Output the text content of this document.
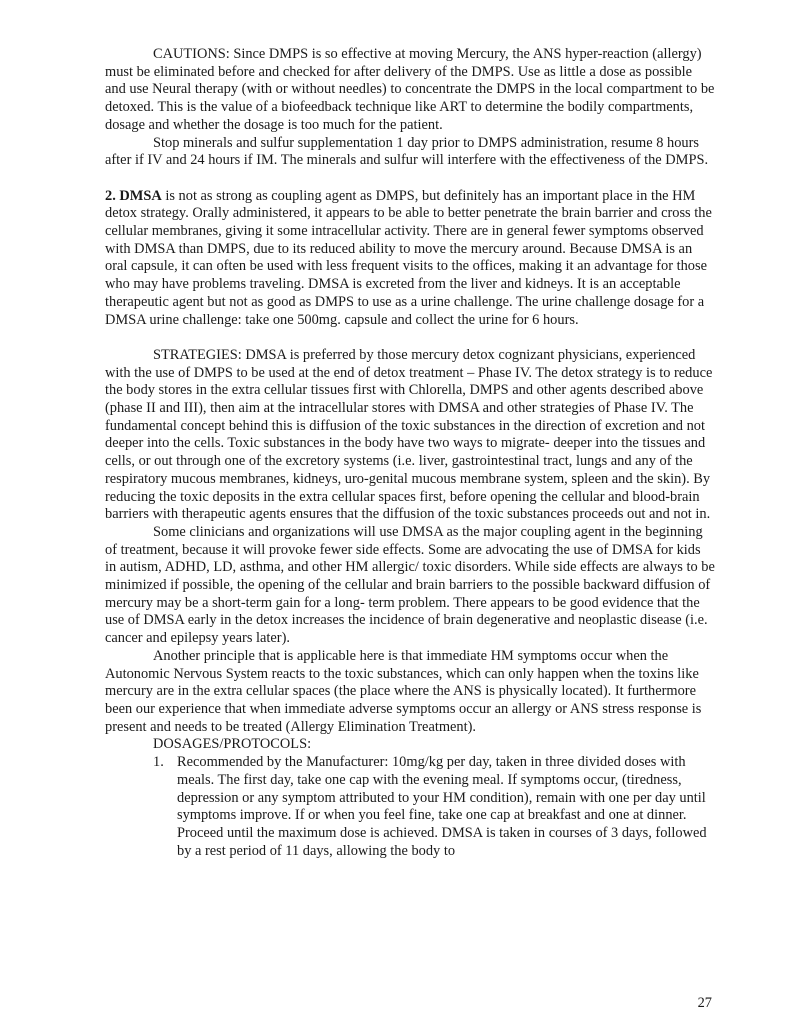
CAUTIONS: Since DMPS is so effective at moving Mercury, the ANS hyper-reaction (allergy) must be eliminated before and checked for after delivery of the DMPS. Use as little a dose as possible and use Neural therapy (with or without needles) to concentrate the DMPS in the local compartment to be detoxed. This is the value of a biofeedback technique like ART to determine the bodily compartments, dosage and whether the dosage is too much for the patient.

Stop minerals and sulfur supplementation 1 day prior to DMPS administration, resume 8 hours after if IV and 24 hours if IM. The minerals and sulfur will interfere with the effectiveness of the DMPS.

2. DMSA is not as strong as coupling agent as DMPS, but definitely has an important place in the HM detox strategy. Orally administered, it appears to be able to better penetrate the brain barrier and cross the cellular membranes, giving it some intracellular activity. There are in general fewer symptoms observed with DMSA than DMPS, due to its reduced ability to move the mercury around. Because DMSA is an oral capsule, it can often be used with less frequent visits to the offices, making it an advantage for those who may have problems traveling. DMSA is excreted from the liver and kidneys. It is an acceptable therapeutic agent but not as good as DMPS to use as a urine challenge. The urine challenge dosage for a DMSA urine challenge: take one 500mg. capsule and collect the urine for 6 hours.

STRATEGIES: DMSA is preferred by those mercury detox cognizant physicians, experienced with the use of DMPS to be used at the end of detox treatment – Phase IV. The detox strategy is to reduce the body stores in the extra cellular tissues first with Chlorella, DMPS and other agents described above (phase II and III), then aim at the intracellular stores with DMSA and other strategies of Phase IV. The fundamental concept behind this is diffusion of the toxic substances in the direction of excretion and not deeper into the cells. Toxic substances in the body have two ways to migrate- deeper into the tissues and cells, or out through one of the excretory systems (i.e. liver, gastrointestinal tract, lungs and any of the respiratory mucous membranes, kidneys, uro-genital mucous membrane system, spleen and the skin). By reducing the toxic deposits in the extra cellular spaces first, before opening the cellular and blood-brain barriers with therapeutic agents ensures that the diffusion of the toxic substances proceeds out and not in.

Some clinicians and organizations will use DMSA as the major coupling agent in the beginning of treatment, because it will provoke fewer side effects. Some are advocating the use of DMSA for kids in autism, ADHD, LD, asthma, and other HM allergic/ toxic disorders. While side effects are always to be minimized if possible, the opening of the cellular and brain barriers to the possible backward diffusion of mercury may be a short-term gain for a long- term problem. There appears to be good evidence that the use of DMSA early in the detox increases the incidence of brain degenerative and neoplastic disease (i.e. cancer and epilepsy years later).

Another principle that is applicable here is that immediate HM symptoms occur when the Autonomic Nervous System reacts to the toxic substances, which can only happen when the toxins like mercury are in the extra cellular spaces (the place where the ANS is physically located). It furthermore been our experience that when immediate adverse symptoms occur an allergy or ANS stress response is present and needs to be treated (Allergy Elimination Treatment).

DOSAGES/PROTOCOLS:

1. Recommended by the Manufacturer: 10mg/kg per day, taken in three divided doses with meals. The first day, take one cap with the evening meal. If symptoms occur, (tiredness, depression or any symptom attributed to your HM condition), remain with one per day until symptoms improve. If or when you feel fine, take one cap at breakfast and one at dinner. Proceed until the maximum dose is achieved. DMSA is taken in courses of 3 days, followed by a rest period of 11 days, allowing the body to
27
